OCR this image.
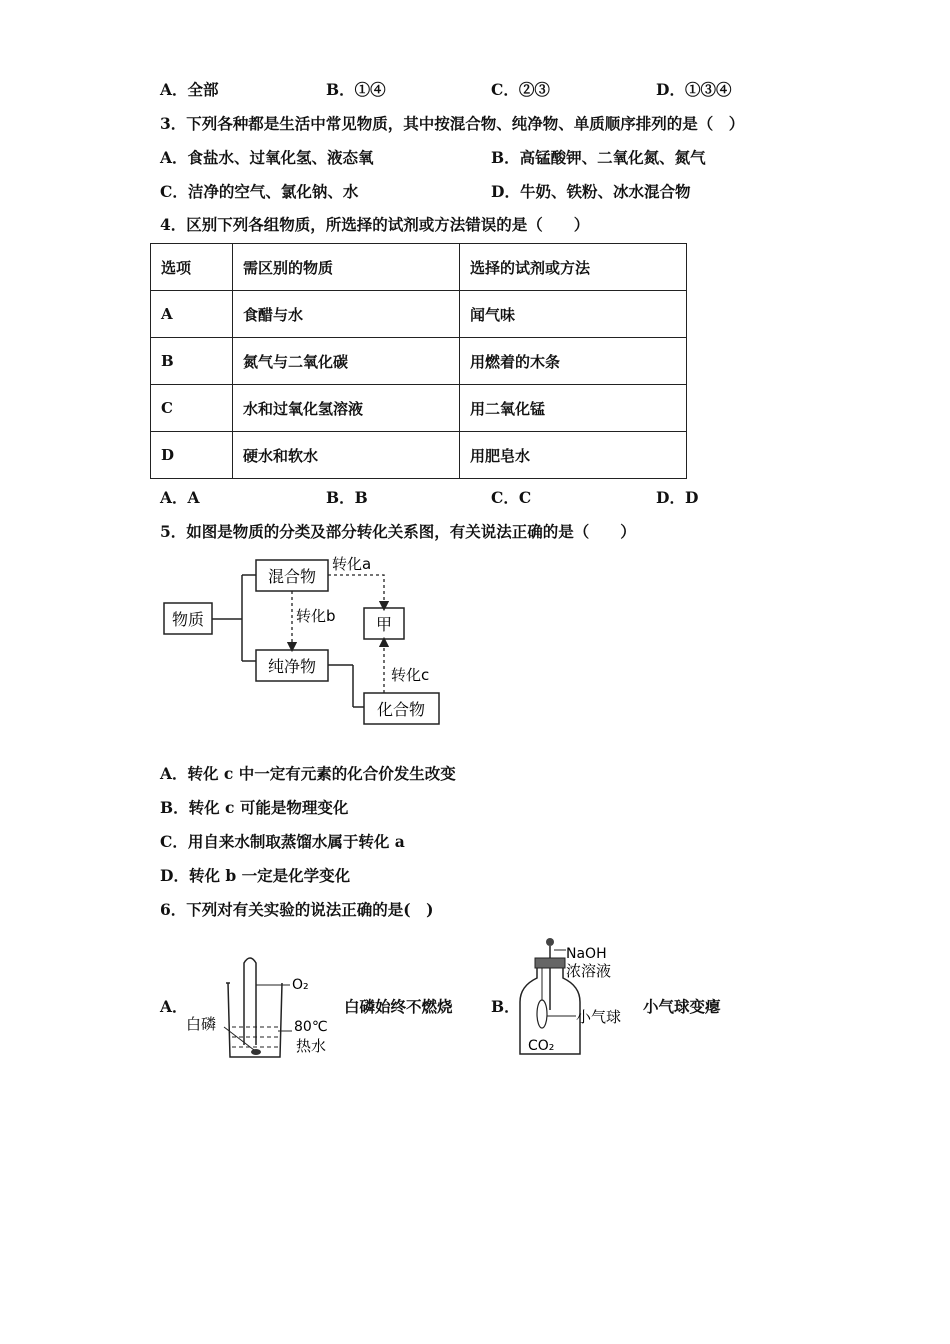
A．全部	B．①④	C．②③	D．①③④
3．下列各种都是生活中常见物质，其中按混合物、纯净物、单质顺序排列的是（　）
A．食盐水、过氧化氢、液态氧	B．高锰酸钾、二氧化氮、氮气
C．洁净的空气、氯化钠、水	D．牛奶、铁粉、冰水混合物
4．区别下列各组物质，所选择的试剂或方法错误的是（　　）
选项	需区别的物质	选择的试剂或方法
A	食醋与水	闻气味
B	氮气与二氧化碳	用燃着的木条
C	水和过氧化氢溶液	用二氧化锰
D	硬水和软水	用肥皂水
A．A	B．B	C．C	D．D
5．如图是物质的分类及部分转化关系图，有关说法正确的是（　　）
物质
混合物
纯净物
化合物
甲
转化a
转化b
转化c
A．转化 c 中一定有元素的化合价发生改变
B．转化 c 可能是物理变化
C．用自来水制取蒸馏水属于转化 a
D．转化 b 一定是化学变化
6．下列对有关实验的说法正确的是(　)
A．
O₂
白磷	80℃
热水
白磷始终不燃烧 B．
NaOH
浓溶液
小气球
CO₂
小气球变瘪
